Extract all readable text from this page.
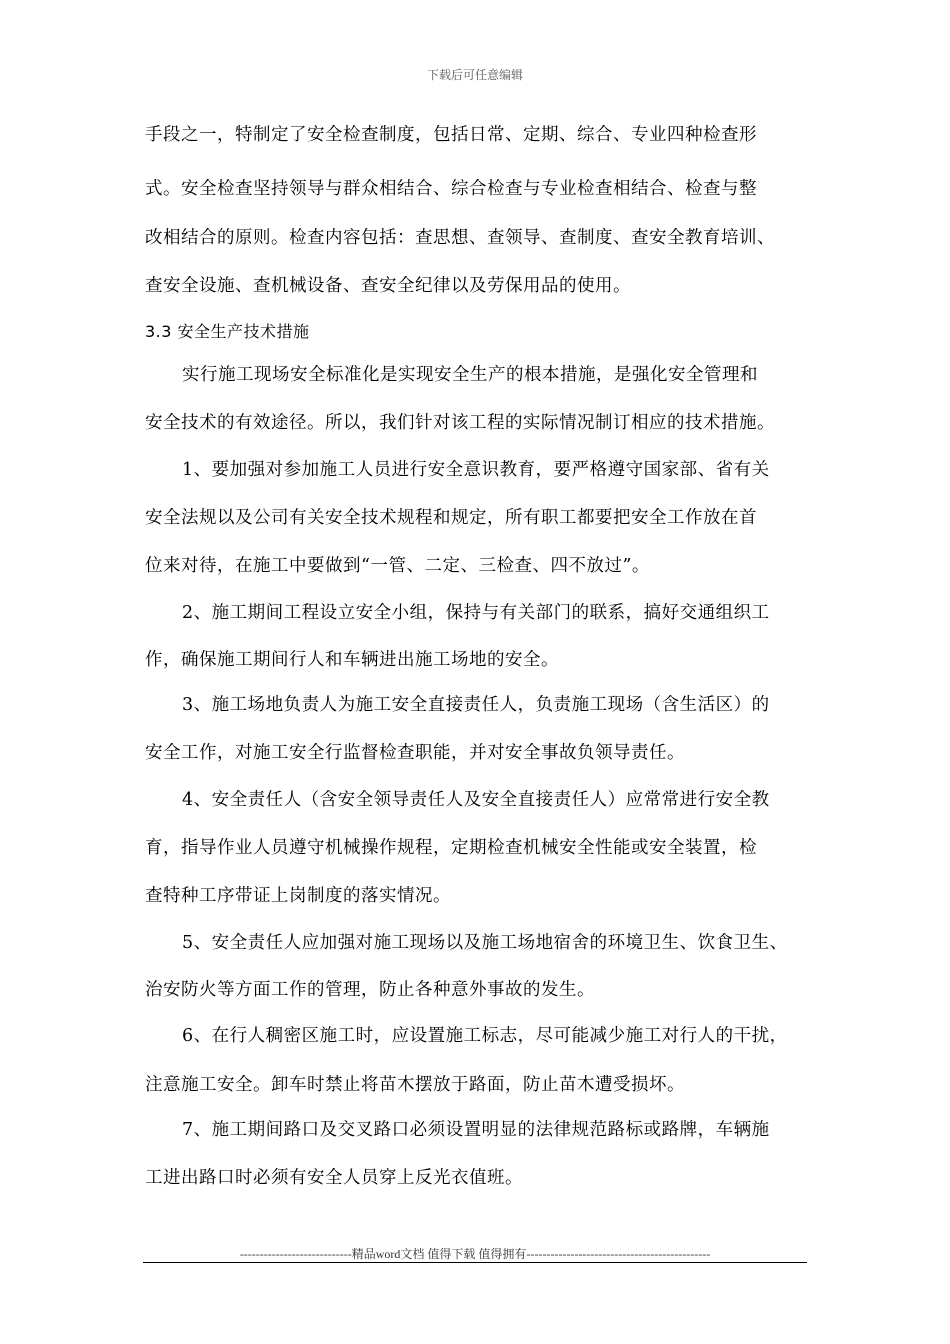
下载后可任意编辑
手段之一，特制定了安全检查制度，包括日常、定期、综合、专业四种检查形
式。安全检查坚持领导与群众相结合、综合检查与专业检查相结合、检查与整
改相结合的原则。检查内容包括：查思想、查领导、查制度、查安全教育培训、
查安全设施、查机械设备、查安全纪律以及劳保用品的使用。
3.3 安全生产技术措施
实行施工现场安全标准化是实现安全生产的根本措施，是强化安全管理和
安全技术的有效途径。所以，我们针对该工程的实际情况制订相应的技术措施。
1、要加强对参加施工人员进行安全意识教育，要严格遵守国家部、省有关
安全法规以及公司有关安全技术规程和规定，所有职工都要把安全工作放在首
位来对待，在施工中要做到“一管、二定、三检查、四不放过”。
2、施工期间工程设立安全小组，保持与有关部门的联系，搞好交通组织工
作，确保施工期间行人和车辆进出施工场地的安全。
3、施工场地负责人为施工安全直接责任人，负责施工现场（含生活区）的
安全工作，对施工安全行监督检查职能，并对安全事故负领导责任。
4、安全责任人（含安全领导责任人及安全直接责任人）应常常进行安全教
育，指导作业人员遵守机械操作规程，定期检查机械安全性能或安全装置，检
查特种工序带证上岗制度的落实情况。
5、安全责任人应加强对施工现场以及施工场地宿舍的环境卫生、饮食卫生、
治安防火等方面工作的管理，防止各种意外事故的发生。
6、在行人稠密区施工时，应设置施工标志，尽可能减少施工对行人的干扰，
注意施工安全。卸车时禁止将苗木摆放于路面，防止苗木遭受损坏。
7、施工期间路口及交叉路口必须设置明显的法律规范路标或路牌，车辆施
工进出路口时必须有安全人员穿上反光衣值班。
----------------------------精品word文档 值得下载 值得拥有----------------------------------------------
